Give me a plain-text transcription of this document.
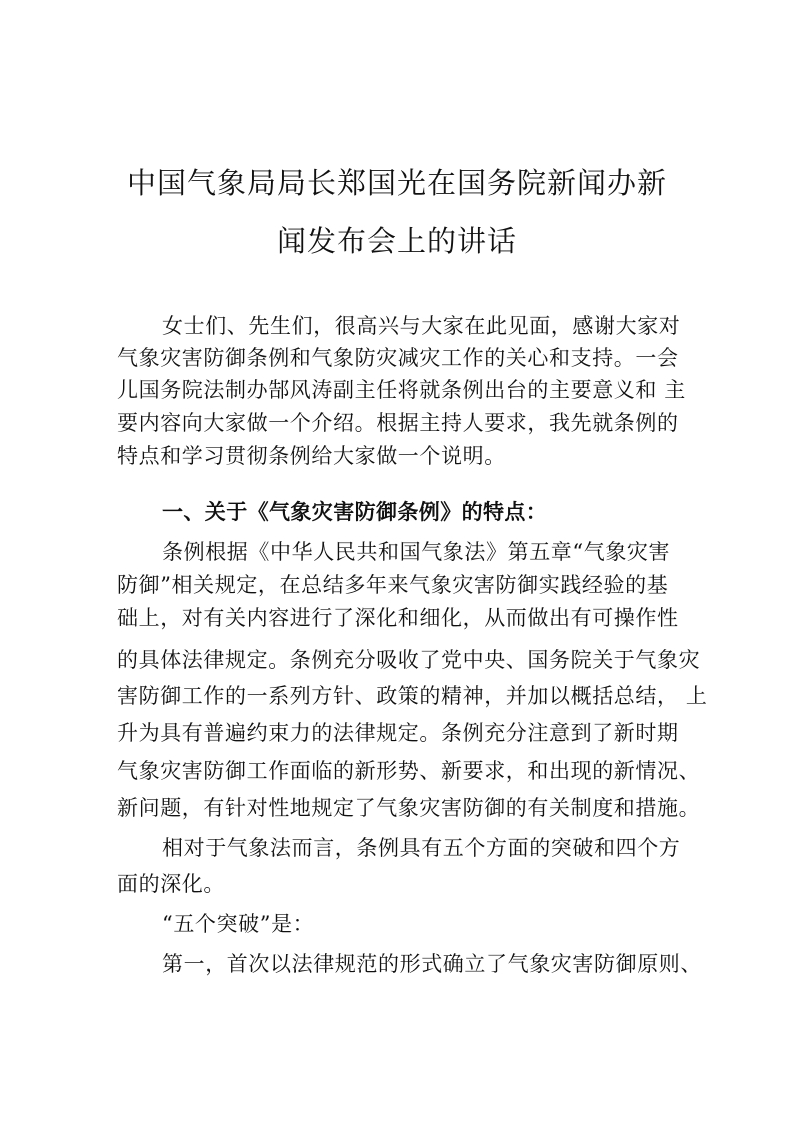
中国气象局局长郑国光在国务院新闻办新
闻发布会上的讲话

女士们、先生们，很高兴与大家在此见面，感谢大家对

气象灾害防御条例和气象防灾减灾工作的关心和支持。一会

儿国务院法制办郜风涛副主任将就条例出台的主要意义和 主

要内容向大家做一个介绍。根据主持人要求，我先就条例的

特点和学习贯彻条例给大家做一个说明。

一、关于《气象灾害防御条例》的特点：

条例根据《中华人民共和国气象法》第五章“气象灾害

防御”相关规定，在总结多年来气象灾害防御实践经验的基

础上，对有关内容进行了深化和细化，从而做出有可操作性

的具体法律规定。条例充分吸收了党中央、国务院关于气象灾

害防御工作的一系列方针、政策的精神，并加以概括总结， 上

升为具有普遍约束力的法律规定。条例充分注意到了新时期

气象灾害防御工作面临的新形势、新要求，和出现的新情况、

新问题，有针对性地规定了气象灾害防御的有关制度和措施。

相对于气象法而言，条例具有五个方面的突破和四个方

面的深化。

“五个突破”是：

第一，首次以法律规范的形式确立了气象灾害防御原则、
